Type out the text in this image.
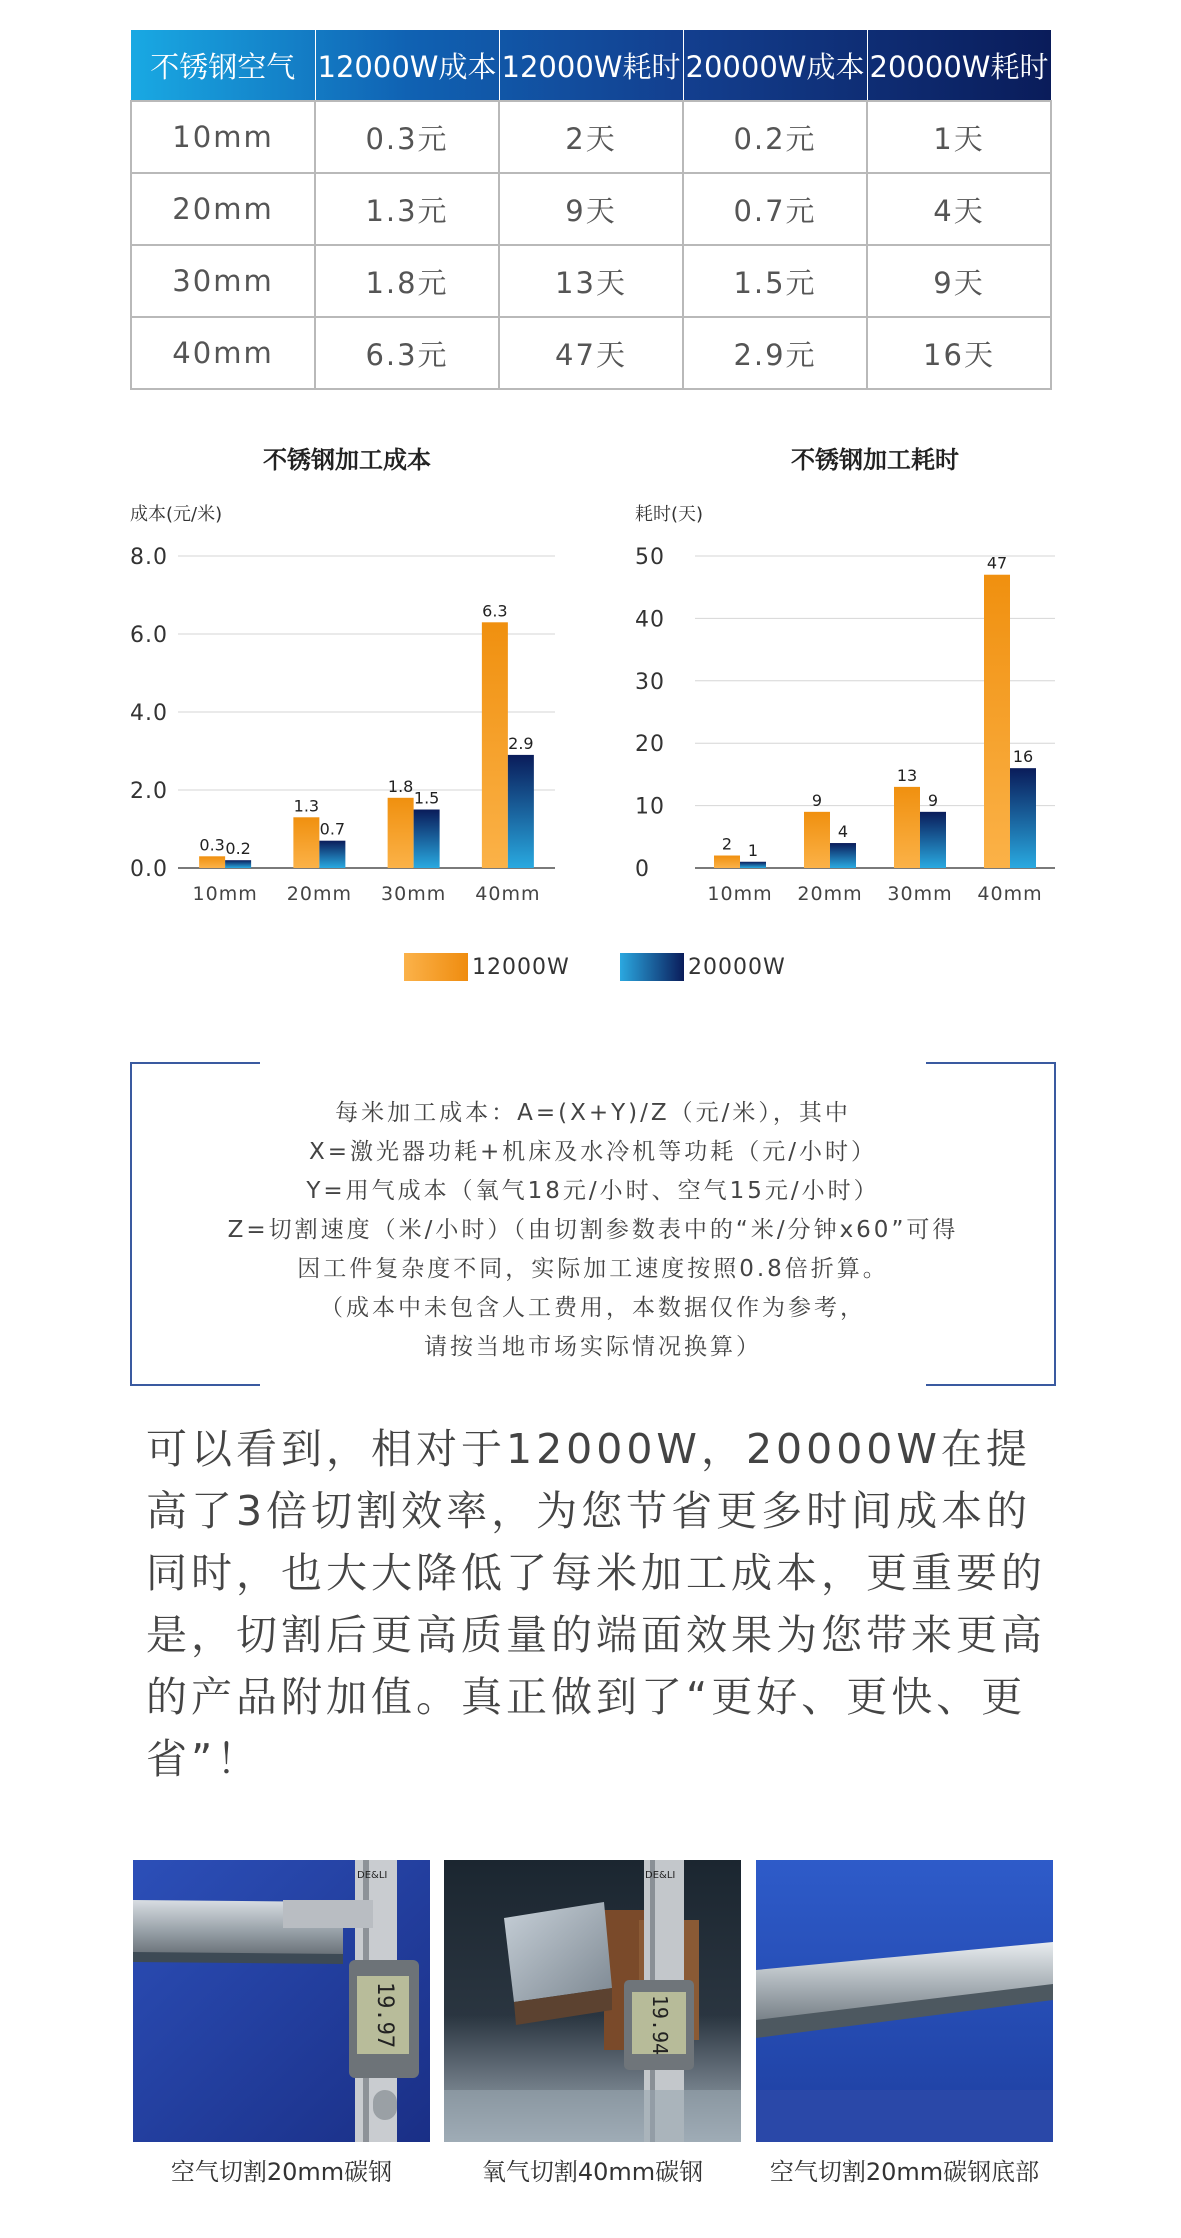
不锈钢空气	12000W成本	12000W耗时	20000W成本	20000W耗时
10mm	0.3元	2天	0.2元	1天
20mm	1.3元	9天	0.7元	4天
30mm	1.8元	13天	1.5元	9天
40mm	6.3元	47天	2.9元	16天
不锈钢加工成本
成本(元/米)
0.0
2.0
4.0
6.0
8.0
10mm
0.3 0.2
20mm
1.3
0.7
30mm
1.8
1.5
40mm
6.3
2.9
不锈钢加工耗时
耗时(天)
0
10
20
30
40
50
10mm
2 1
20mm
9
4
30mm
13
9
40mm
47
16
12000W	20000W
每米加工成本：A=(X+Y)/Z（元/米），其中
X=激光器功耗+机床及水冷机等功耗（元/小时）
Y=用气成本（氧气18元/小时、空气15元/小时）
Z=切割速度（米/小时）（由切割参数表中的“米/分钟x60”可得
因工件复杂度不同，实际加工速度按照0.8倍折算。
（成本中未包含人工费用，本数据仅作为参考，
请按当地市场实际情况换算）

可以看到，相对于12000W，20000W在提高了3倍切割效率，为您节省更多时间成本的同时，也大大降低了每米加工成本，更重要的是，切割后更高质量的端面效果为您带来更高的产品附加值。真正做到了“更好、更快、更省”！

19.97
DE&LI
19.94
DE&LI
空气切割20mm碳钢	氧气切割40mm碳钢	空气切割20mm碳钢底部
